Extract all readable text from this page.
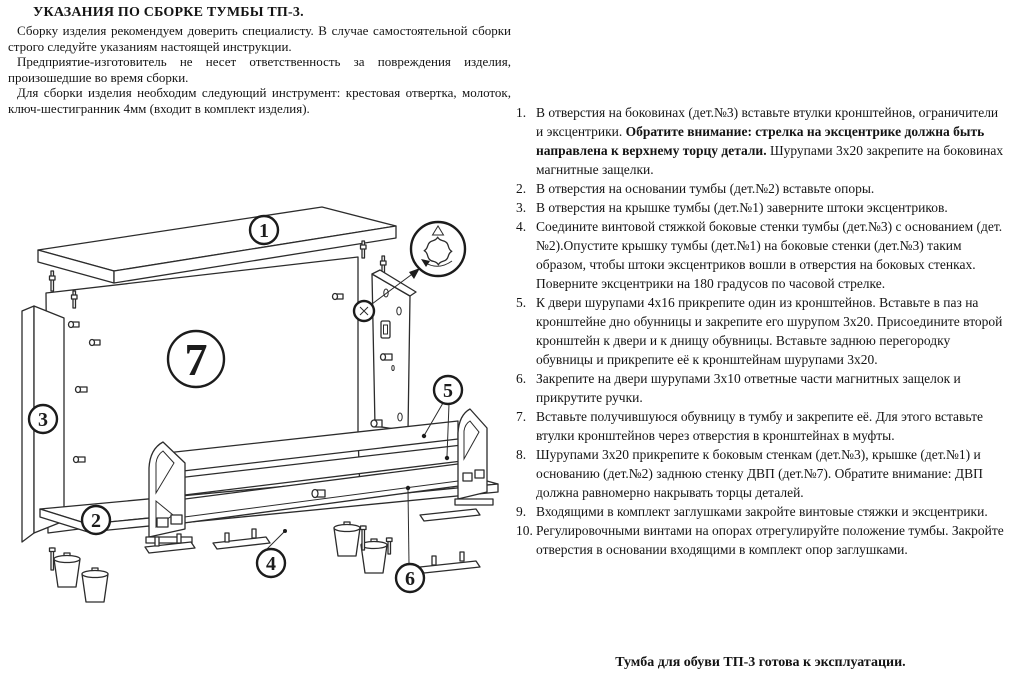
УКАЗАНИЯ ПО СБОРКЕ ТУМБЫ ТП-3.

Сборку изделия рекомендуем доверить специалисту. В случае самостоятельной сборки строго следуйте указаниям настоящей инструкции.

Предприятие-изготовитель не несет ответственность за повреждения изделия, произошедшие во время сборки.

Для сборки изделия необходим следующий инструмент: крестовая отвертка, молоток, ключ-шестигранник 4мм (входит в комплект изделия).

7
1
3
2
5
4
6
1. В отверстия на боковинах (дет.№3) вставьте втулки кронштейнов, ограничители и эксцентрики. Обратите внимание: стрелка на эксцентрике должна быть направлена к верхнему торцу детали. Шурупами 3х20 закрепите на боковинах магнитные защелки.
2. В отверстия на основании тумбы (дет.№2) вставьте опоры.
3. В отверстия на крышке тумбы (дет.№1) заверните штоки эксцентриков.
4. Соедините винтовой стяжкой боковые стенки тумбы (дет.№3) с основанием (дет.№2).Опустите крышку тумбы (дет.№1) на боковые стенки (дет.№3) таким образом, чтобы штоки эксцентриков вошли в отверстия на боковых стенках. Поверните эксцентрики на 180 градусов по часовой стрелке.
5. К двери шурупами 4х16 прикрепите один из кронштейнов. Вставьте в паз на кронштейне дно обунницы и закрепите его шурупом 3х20. Присоедините второй кронштейн к двери и к днищу обувницы. Вставьте заднюю перегородку обувницы и прикрепите её к кронштейнам шурупами 3х20.
6. Закрепите на двери шурупами 3х10 ответные части магнитных защелок и прикрутите ручки.
7. Вставьте получившуюся обувницу в тумбу и закрепите её. Для этого вставьте втулки кронштейнов через отверстия в кронштейнах в муфты.
8. Шурупами 3х20 прикрепите к боковым стенкам (дет.№3), крышке (дет.№1) и основанию (дет.№2) заднюю стенку ДВП (дет.№7). Обратите внимание: ДВП должна равномерно накрывать торцы деталей.
9. Входящими в комплект заглушками закройте винтовые стяжки и эксцентрики.
10. Регулировочными винтами на опорах отрегулируйте положение тумбы. Закройте отверстия в основании входящими в комплект опор заглушками.
Тумба для обуви ТП-3 готова к эксплуатации.
